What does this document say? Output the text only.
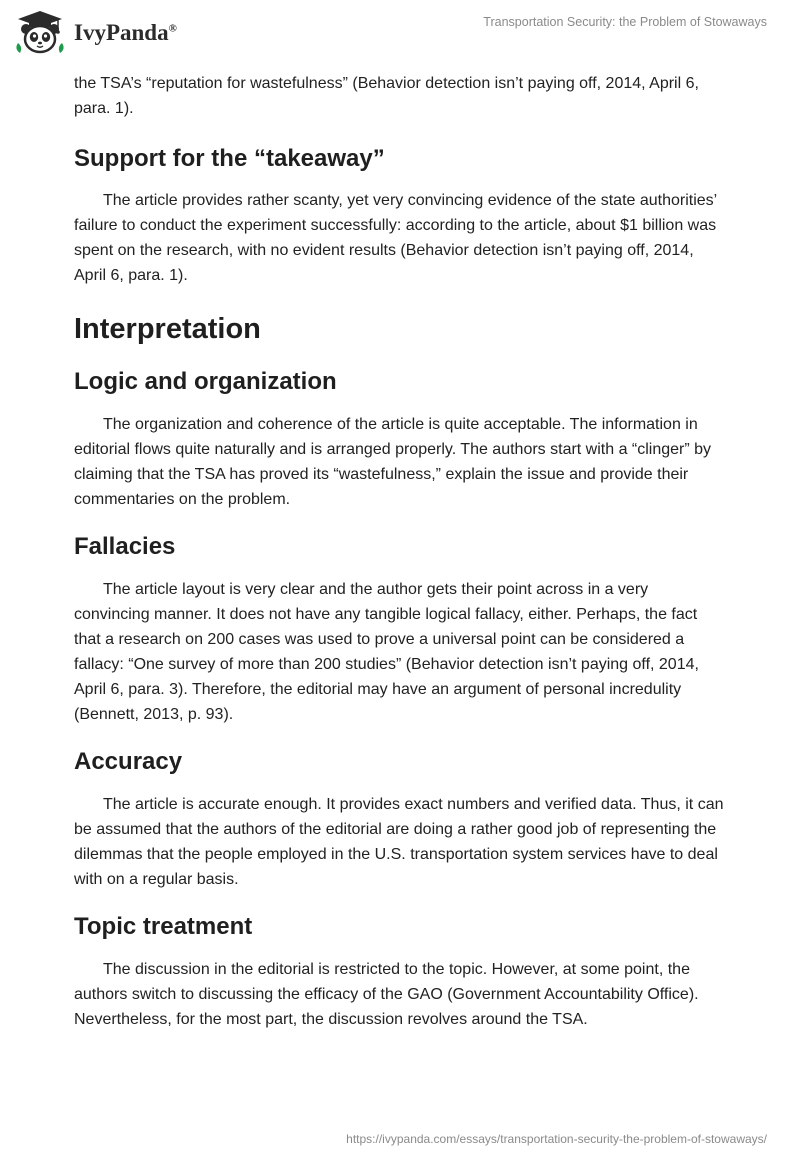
IvyPanda®	Transportation Security: the Problem of Stowaways

the TSA’s “reputation for wastefulness” (Behavior detection isn’t paying off, 2014, April 6, para. 1).

Support for the “takeaway”

The article provides rather scanty, yet very convincing evidence of the state authorities’ failure to conduct the experiment successfully: according to the article, about $1 billion was spent on the research, with no evident results (Behavior detection isn’t paying off, 2014, April 6, para. 1).

Interpretation
Logic and organization

The organization and coherence of the article is quite acceptable. The information in editorial flows quite naturally and is arranged properly. The authors start with a “clinger” by claiming that the TSA has proved its “wastefulness,” explain the issue and provide their commentaries on the problem.

Fallacies

The article layout is very clear and the author gets their point across in a very convincing manner. It does not have any tangible logical fallacy, either. Perhaps, the fact that a research on 200 cases was used to prove a universal point can be considered a fallacy: “One survey of more than 200 studies” (Behavior detection isn’t paying off, 2014, April 6, para. 3). Therefore, the editorial may have an argument of personal incredulity (Bennett, 2013, p. 93).

Accuracy

The article is accurate enough. It provides exact numbers and verified data. Thus, it can be assumed that the authors of the editorial are doing a rather good job of representing the dilemmas that the people employed in the U.S. transportation system services have to deal with on a regular basis.

Topic treatment

The discussion in the editorial is restricted to the topic. However, at some point, the authors switch to discussing the efficacy of the GAO (Government Accountability Office). Nevertheless, for the most part, the discussion revolves around the TSA.

https://ivypanda.com/essays/transportation-security-the-problem-of-stowaways/
